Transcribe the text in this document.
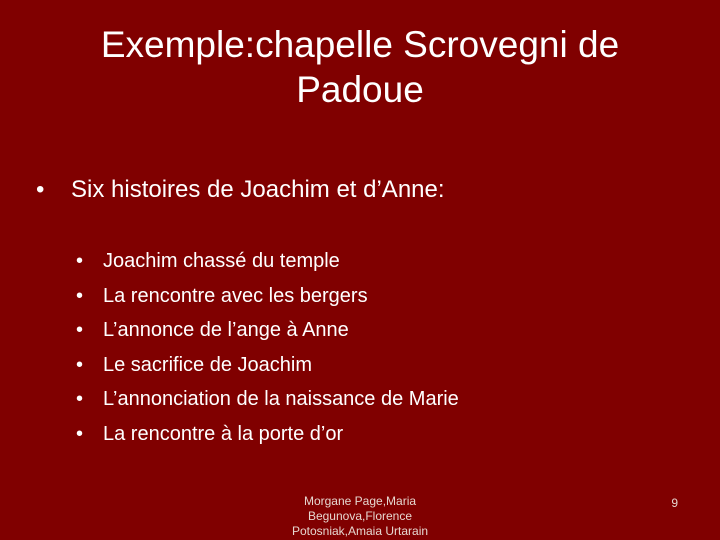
Exemple:chapelle Scrovegni de
Padoue
• Six histoires de Joachim et d’Anne:
• Joachim chassé du temple
• La rencontre avec les bergers
• L’annonce de l’ange à Anne
• Le sacrifice de Joachim
• L’annonciation de la naissance de Marie
• La rencontre à la porte d’or
Morgane Page,Maria
Begunova,Florence
Potosniak,Amaia Urtarain
9
